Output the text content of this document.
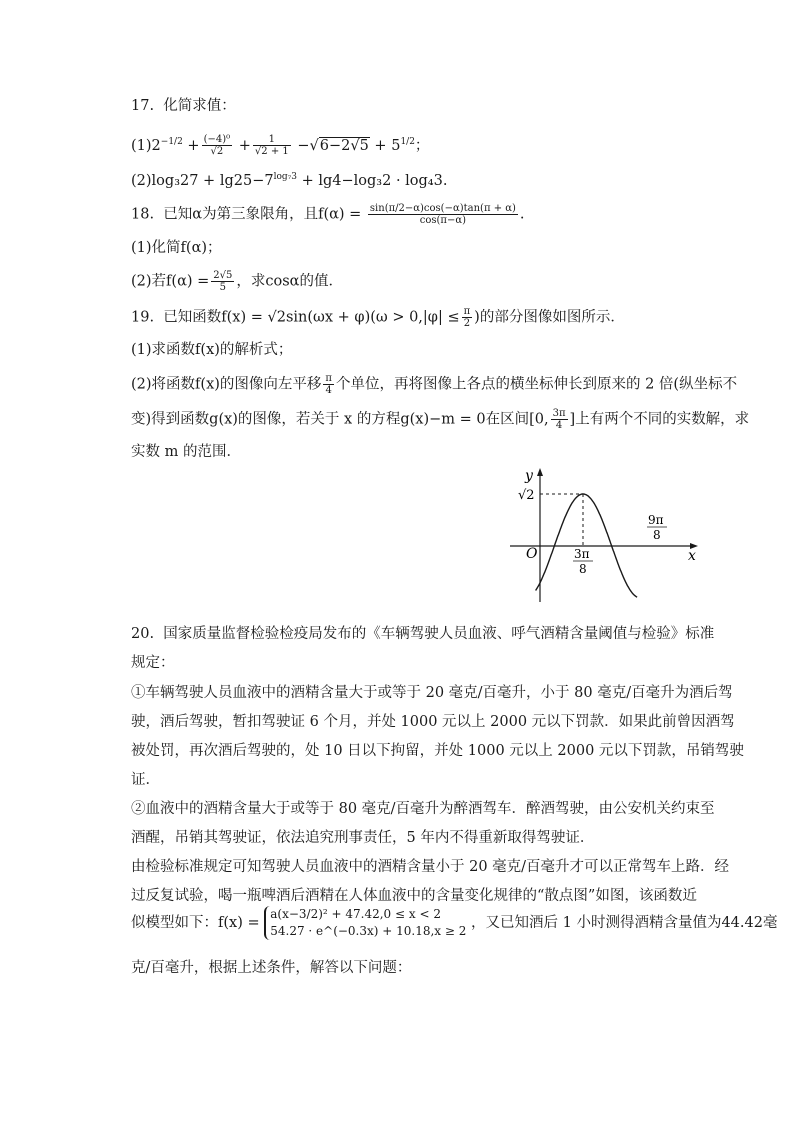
17. 化简求值：
$(1)2^{-1/2} + \frac{\text{(−4)⁰}}{√2} + \frac{1}{√2 + 1} -√6-2√5 + 5^{1/2}$；
$(2)\log_327 + \lg 25-7^{log_73} + \lg 4-\log_32 \cdot \log_43$.
18. 已知α为第三象限角，且$f(\alpha) = \frac{\sin(\pi/2-\alpha)\cos(-\alpha)\tan(\pi + \alpha)}{\cos(\pi-\alpha)}$ .
(1)化简f(α)；
(2)若$f(\alpha) = \frac{2√5}{5}$ ，求cosα的值．
19. 已知函数$f(x) = √2\sin(\omega x + \varphi)(\omega > 0,|\varphi| \le \frac{\pi}{2}$ )的部分图像如图所示．
(1)求函数f(x)的解析式；
(2)将函数f(x)的图像向左平移 $\frac{\pi}{4}$ 个单位，再将图像上各点的横坐标伸长到原来的 2 倍(纵坐标不
变)得到函数g(x)的图像，若关于 x 的方程g(x)−m = 0在区间[0, $\frac{3\pi}{4}$ ]上有两个不同的实数解，求
实数 m 的范围．
y
x
O
√2
3π
8
9π
8
20. 国家质量监督检验检疫局发布的《车辆驾驶人员血液、呼气酒精含量阈值与检验》标准
规定：
①车辆驾驶人员血液中的酒精含量大于或等于 20 毫克/百毫升，小于 80 毫克/百毫升为酒后驾
驶，酒后驾驶，暂扣驾驶证 6 个月，并处 1000 元以上 2000 元以下罚款．如果此前曾因酒驾
被处罚，再次酒后驾驶的，处 10 日以下拘留，并处 1000 元以上 2000 元以下罚款，吊销驾驶
证．
②血液中的酒精含量大于或等于 80 毫克/百毫升为醉酒驾车．醉酒驾驶，由公安机关约束至
酒醒，吊销其驾驶证，依法追究刑事责任，5 年内不得重新取得驾驶证．
由检验标准规定可知驾驶人员血液中的酒精含量小于 20 毫克/百毫升才可以正常驾车上路．经
过反复试验，喝一瓶啤酒后酒精在人体血液中的含量变化规律的“散点图”如图，该函数近
似模型如下：f(x) =
a(x−3/2)² + 47.42,0 ≤ x < 2
54.27 · e^(−0.3x) + 10.18,x ≥ 2 ，又已知酒后 1 小时测得酒精含量值为44.42毫
克/百毫升，根据上述条件，解答以下问题：
